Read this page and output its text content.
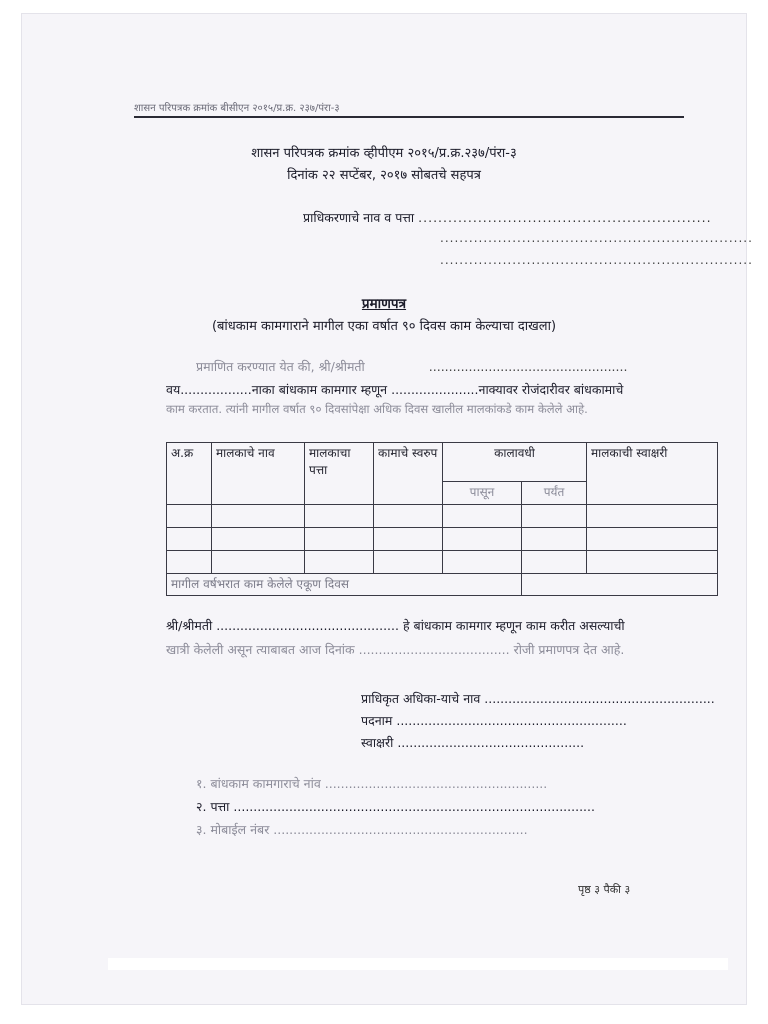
शासन परिपत्रक क्रमांक बीसीएन २०१५/प्र.क्र. २३७/पंरा-३
शासन परिपत्रक क्रमांक व्हीपीएम २०१५/प्र.क्र.२३७/पंरा-३
दिनांक २२ सप्टेंबर, २०१७ सोबतचे सहपत्र
प्राधिकरणाचे नाव व पत्ता ...........................................................
.................................................................
.................................................................
प्रमाणपत्र
(बांधकाम कामगाराने मागील एका वर्षात ९० दिवस काम केल्याचा दाखला)
प्रमाणित करण्यात येत की, श्री/श्रीमती	..................................................
वय..................नाका बांधकाम कामगार म्हणून ......................नाक्यावर रोजंदारीवर बांधकामाचे
काम करतात. त्यांनी मागील वर्षात ९० दिवसांपेक्षा अधिक दिवस खालील मालकांकडे काम केलेले आहे.
अ.क्र	मालकाचे नाव	मालकाचा पत्ता	कामाचे स्वरुप	कालावधी		मालकाची स्वाक्षरी
				पासून	पर्यंत	

मागील वर्षभरात काम केलेले एकूण दिवस						
श्री/श्रीमती .............................................. हे बांधकाम कामगार म्हणून काम करीत असल्याची
खात्री केलेली असून त्याबाबत आज दिनांक ...................................... रोजी प्रमाणपत्र देत आहे.
प्राधिकृत अधिका-याचे नाव ..........................................................
पदनाम ..........................................................
स्वाक्षरी ...............................................
१. बांधकाम कामगाराचे नांव ........................................................
२. पत्ता ...........................................................................................
३. मोबाईल नंबर ................................................................
पृष्ठ ३ पैकी ३
